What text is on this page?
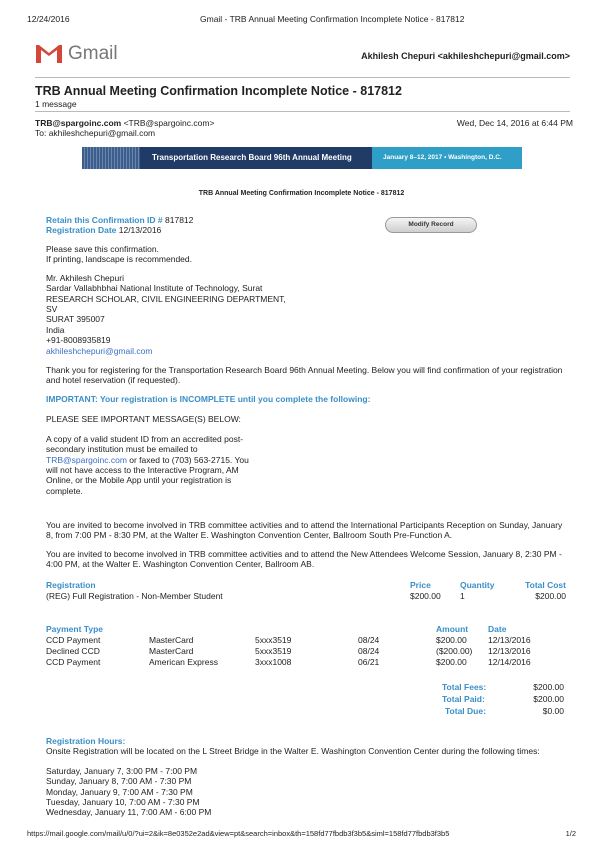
12/24/2016	Gmail - TRB Annual Meeting Confirmation Incomplete Notice - 817812
Gmail	Akhilesh Chepuri <akhileshchepuri@gmail.com>
TRB Annual Meeting Confirmation Incomplete Notice - 817812
1 message
TRB@spargoinc.com <TRB@spargoinc.com>
To: akhileshchepuri@gmail.com
Wed, Dec 14, 2016 at 6:44 PM
Transportation Research Board 96th Annual Meeting	January 8–12, 2017 • Washington, D.C.
TRB Annual Meeting Confirmation Incomplete Notice - 817812
Retain this Confirmation ID # 817812
Registration Date 12/13/2016
Modify Record
Please save this confirmation.
If printing, landscape is recommended.
Mr. Akhilesh Chepuri
Sardar Vallabhbhai National Institute of Technology, Surat
RESEARCH SCHOLAR, CIVIL ENGINEERING DEPARTMENT,
SV
SURAT 395007
India
+91-8008935819
akhileshchepuri@gmail.com
Thank you for registering for the Transportation Research Board 96th Annual Meeting. Below you will find confirmation of your registration and hotel reservation (if requested).
IMPORTANT: Your registration is INCOMPLETE until you complete the following:
PLEASE SEE IMPORTANT MESSAGE(S) BELOW:
A copy of a valid student ID from an accredited post-secondary institution must be emailed to TRB@spargoinc.com or faxed to (703) 563-2715. You will not have access to the Interactive Program, AM Online, or the Mobile App until your registration is complete.
You are invited to become involved in TRB committee activities and to attend the International Participants Reception on Sunday, January 8, from 7:00 PM - 8:30 PM, at the Walter E. Washington Convention Center, Ballroom South Pre-Function A.
You are invited to become involved in TRB committee activities and to attend the New Attendees Welcome Session, January 8, 2:30 PM - 4:00 PM, at the Walter E. Washington Convention Center, Ballroom AB.
Registration	Price	Quantity	Total Cost
(REG) Full Registration - Non-Member Student	$200.00	1	$200.00
Payment Type				Amount	Date
CCD Payment	MasterCard	5xxx3519	08/24	$200.00	12/13/2016
Declined CCD	MasterCard	5xxx3519	08/24	($200.00)	12/13/2016
CCD Payment	American Express	3xxx1008	06/21	$200.00	12/14/2016
Total Fees:	$200.00
Total Paid:	$200.00
Total Due:	$0.00
Registration Hours:
Onsite Registration will be located on the L Street Bridge in the Walter E. Washington Convention Center during the following times:
Saturday, January 7, 3:00 PM - 7:00 PM
Sunday, January 8, 7:00 AM - 7:30 PM
Monday, January 9, 7:00 AM - 7:30 PM
Tuesday, January 10, 7:00 AM - 7:30 PM
Wednesday, January 11, 7:00 AM - 6:00 PM
https://mail.google.com/mail/u/0/?ui=2&ik=8e0352e2ad&view=pt&search=inbox&th=158fd77fbdb3f3b5&siml=158fd77fbdb3f3b5	1/2
